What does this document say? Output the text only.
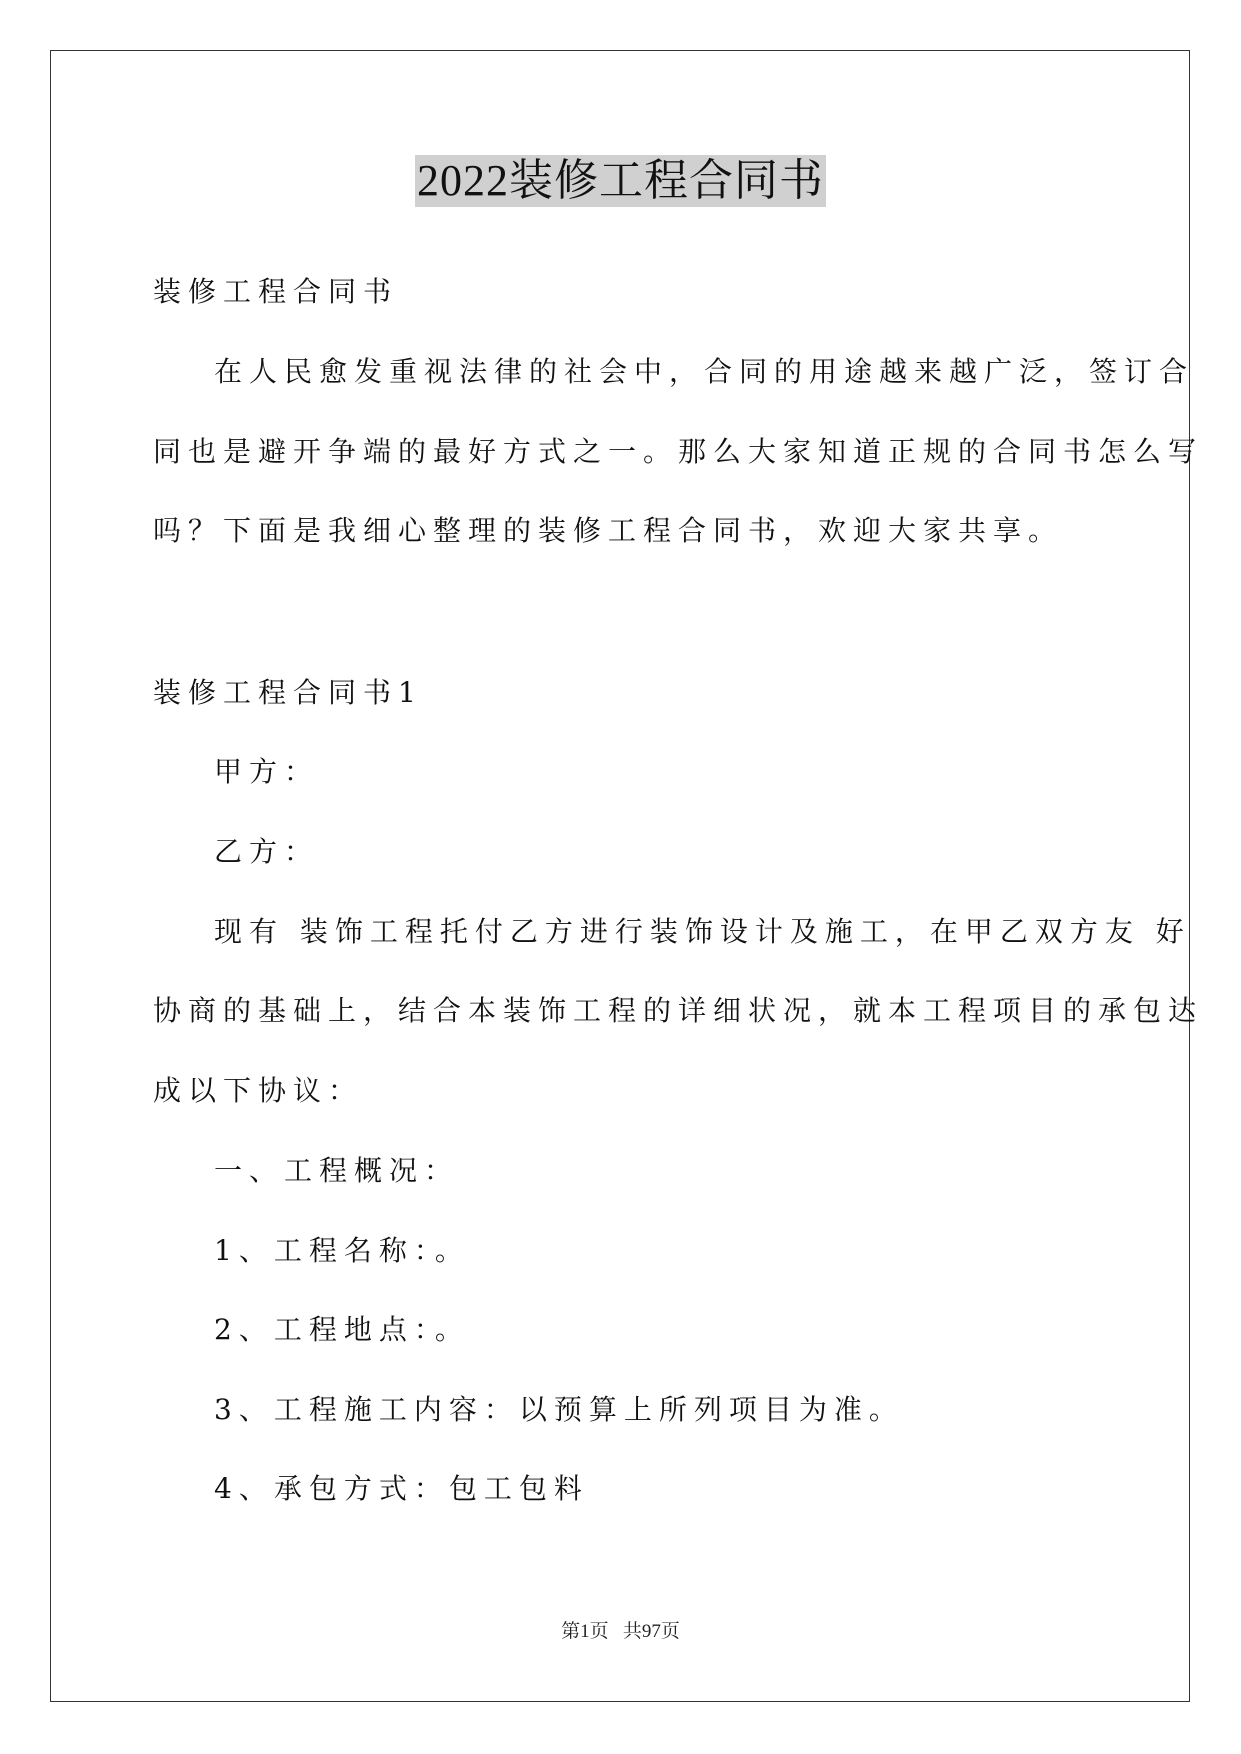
2022装修工程合同书
装修工程合同书
在人民愈发重视法律的社会中，合同的用途越来越广泛，签订合
同也是避开争端的最好方式之一。那么大家知道正规的合同书怎么写
吗？下面是我细心整理的装修工程合同书，欢迎大家共享。
装修工程合同书1
甲方：
乙方：
现有 装饰工程托付乙方进行装饰设计及施工，在甲乙双方友 好
协商的基础上，结合本装饰工程的详细状况，就本工程项目的承包达
成以下协议：
一、工程概况：
1、工程名称：。
2、工程地点：。
3、工程施工内容：以预算上所列项目为准。
4、承包方式：包工包料
第1页   共97页
